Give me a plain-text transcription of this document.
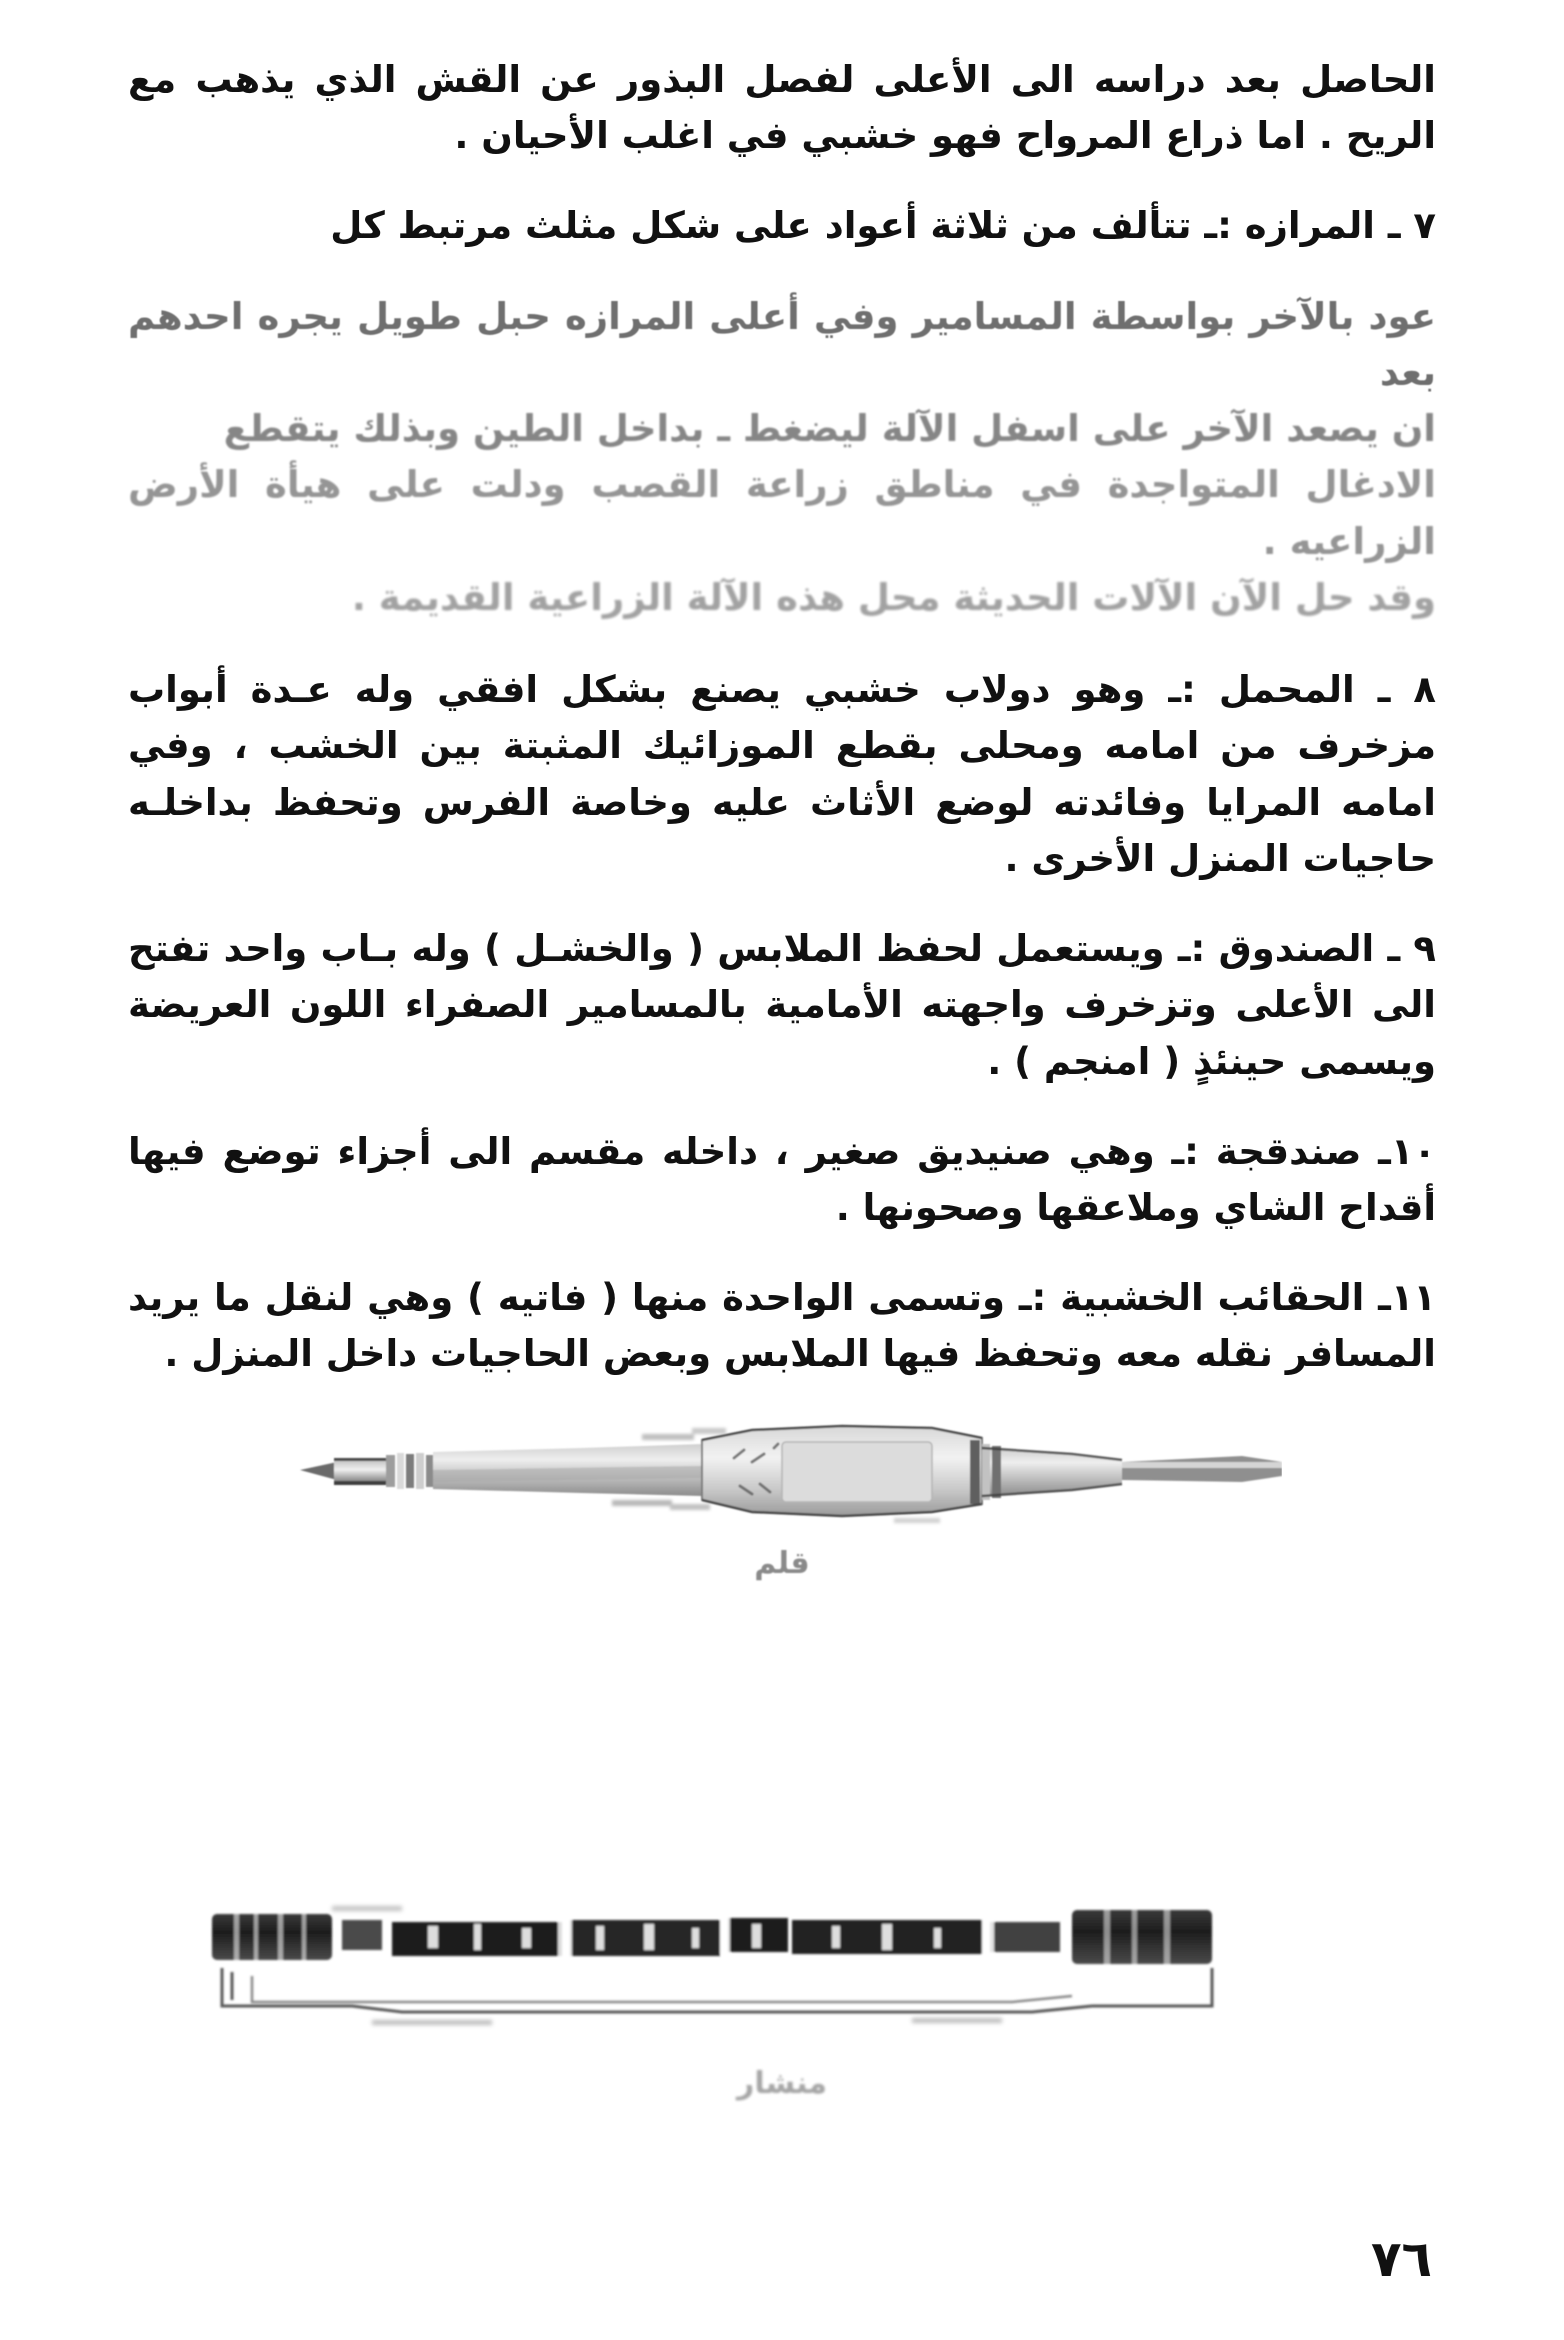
الحاصل بعد دراسه الى الأعلى لفصل البذور عن القش الذي يذهب مع الريح . اما ذراع المرواح فهو خشبي في اغلب الأحيان .

٧ ـ المرازه :ـ تتألف من ثلاثة أعواد على شكل مثلث مرتبط كل

عود بالآخر بواسطة المسامير وفي أعلى المرازه حبل طويل يجره احدهم بعد
ان يصعد الآخر على اسفل الآلة ليضغط ـ بداخل الطين وبذلك يتقطع
الادغال المتواجدة في مناطق زراعة القصب ودلت على هيأة الأرض الزراعيه .
وقد حل الآن الآلات الحديثة محل هذه الآلة الزراعية القديمة .

٨ ـ المحمل :ـ وهو دولاب خشبي يصنع بشكل افقي وله عـدة أبواب مزخرف من امامه ومحلى بقطع الموزائيك المثبتة بين الخشب ، وفي امامه المرايا وفائدته لوضع الأثاث عليه وخاصة الفرس وتحفظ بداخلـه حاجيات المنزل الأخرى .

٩ ـ الصندوق :ـ ويستعمل لحفظ الملابس ( والخشـل ) وله بـاب واحد تفتح الى الأعلى وتزخرف واجهته الأمامية بالمسامير الصفراء اللون العريضة ويسمى حينئذٍ ( امنجم ) .

١٠ـ صندقجة :ـ وهي صنيديق صغير ، داخله مقسم الى أجزاء توضع فيها أقداح الشاي وملاعقها وصحونها .

١١ـ الحقائب الخشبية :ـ وتسمى الواحدة منها ( فاتيه ) وهي لنقل ما يريد المسافر نقله معه وتحفظ فيها الملابس وبعض الحاجيات داخل المنزل .

قلم
منشار
٧٦
